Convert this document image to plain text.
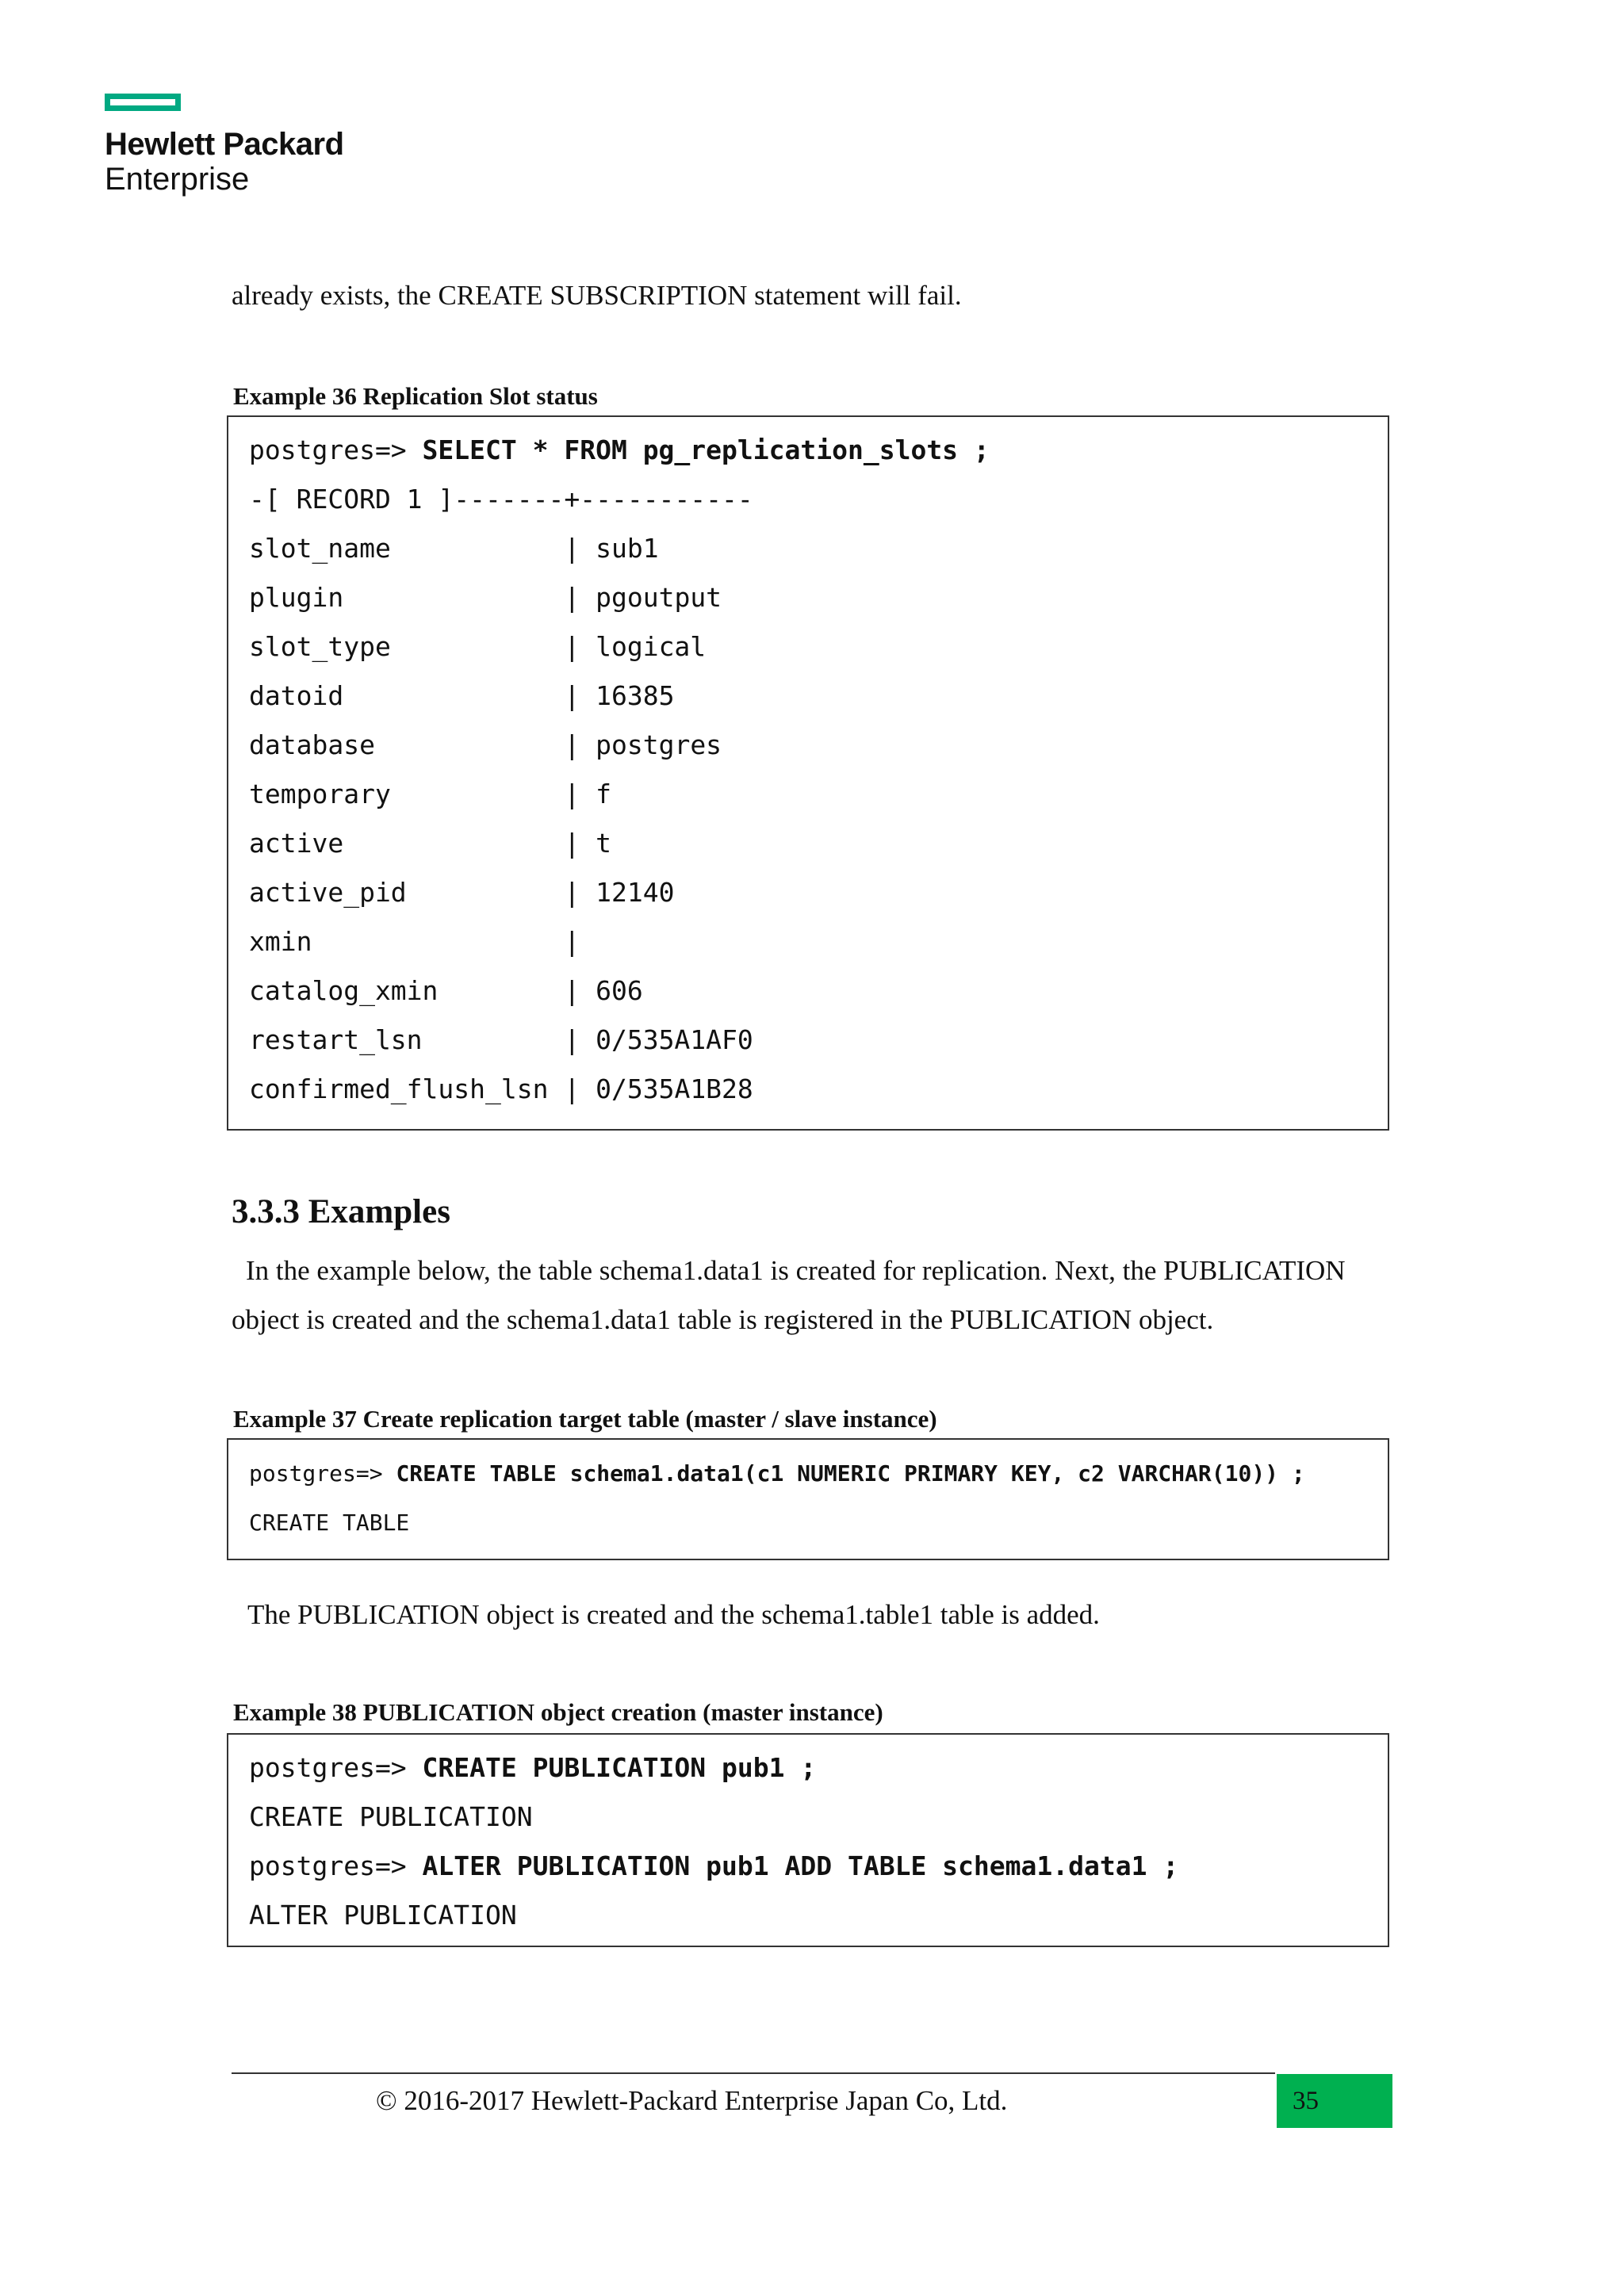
Hewlett Packard
Enterprise
already exists, the CREATE SUBSCRIPTION statement will fail.
Example 36 Replication Slot status
postgres=> SELECT * FROM pg_replication_slots ;
-[ RECORD 1 ]-------+-----------
slot_name           | sub1
plugin              | pgoutput
slot_type           | logical
datoid              | 16385
database            | postgres
temporary           | f
active              | t
active_pid          | 12140
xmin                |
catalog_xmin        | 606
restart_lsn         | 0/535A1AF0
confirmed_flush_lsn | 0/535A1B28
3.3.3 Examples
In the example below, the table schema1.data1 is created for replication. Next, the PUBLICATION
object is created and the schema1.data1 table is registered in the PUBLICATION object.
Example 37 Create replication target table (master / slave instance)
postgres=> CREATE TABLE schema1.data1(c1 NUMERIC PRIMARY KEY, c2 VARCHAR(10)) ;
CREATE TABLE
The PUBLICATION object is created and the schema1.table1 table is added.
Example 38 PUBLICATION object creation (master instance)
postgres=> CREATE PUBLICATION pub1 ;
CREATE PUBLICATION
postgres=> ALTER PUBLICATION pub1 ADD TABLE schema1.data1 ;
ALTER PUBLICATION
© 2016-2017 Hewlett-Packard Enterprise Japan Co, Ltd.	35
